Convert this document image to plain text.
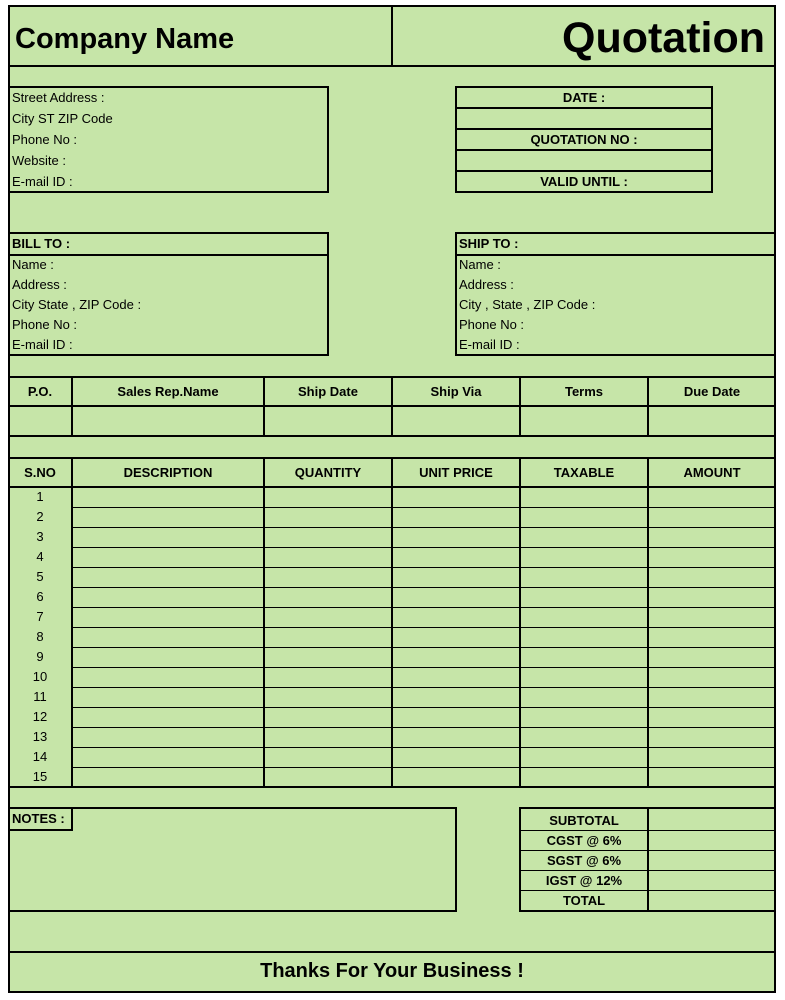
Company Name	Quotation
Street Address :
City ST ZIP Code
Phone No :
Website :
E-mail ID :
DATE :
QUOTATION NO :
VALID UNTIL :
BILL TO :
Name :
Address :
City State , ZIP Code :
Phone No :
E-mail ID :
SHIP TO :
Name :
Address :
City , State , ZIP Code :
Phone No :
E-mail ID :
P.O.	Sales Rep.Name	Ship Date	Ship Via	Terms	Due Date
S.NO	DESCRIPTION	QUANTITY	UNIT PRICE	TAXABLE	AMOUNT
1
2
3
4
5
6
7
8
9
10
11
12
13
14
15
NOTES :	SUBTOTAL
CGST @ 6%
SGST @ 6%
IGST @ 12%
TOTAL
Thanks For Your Business !
